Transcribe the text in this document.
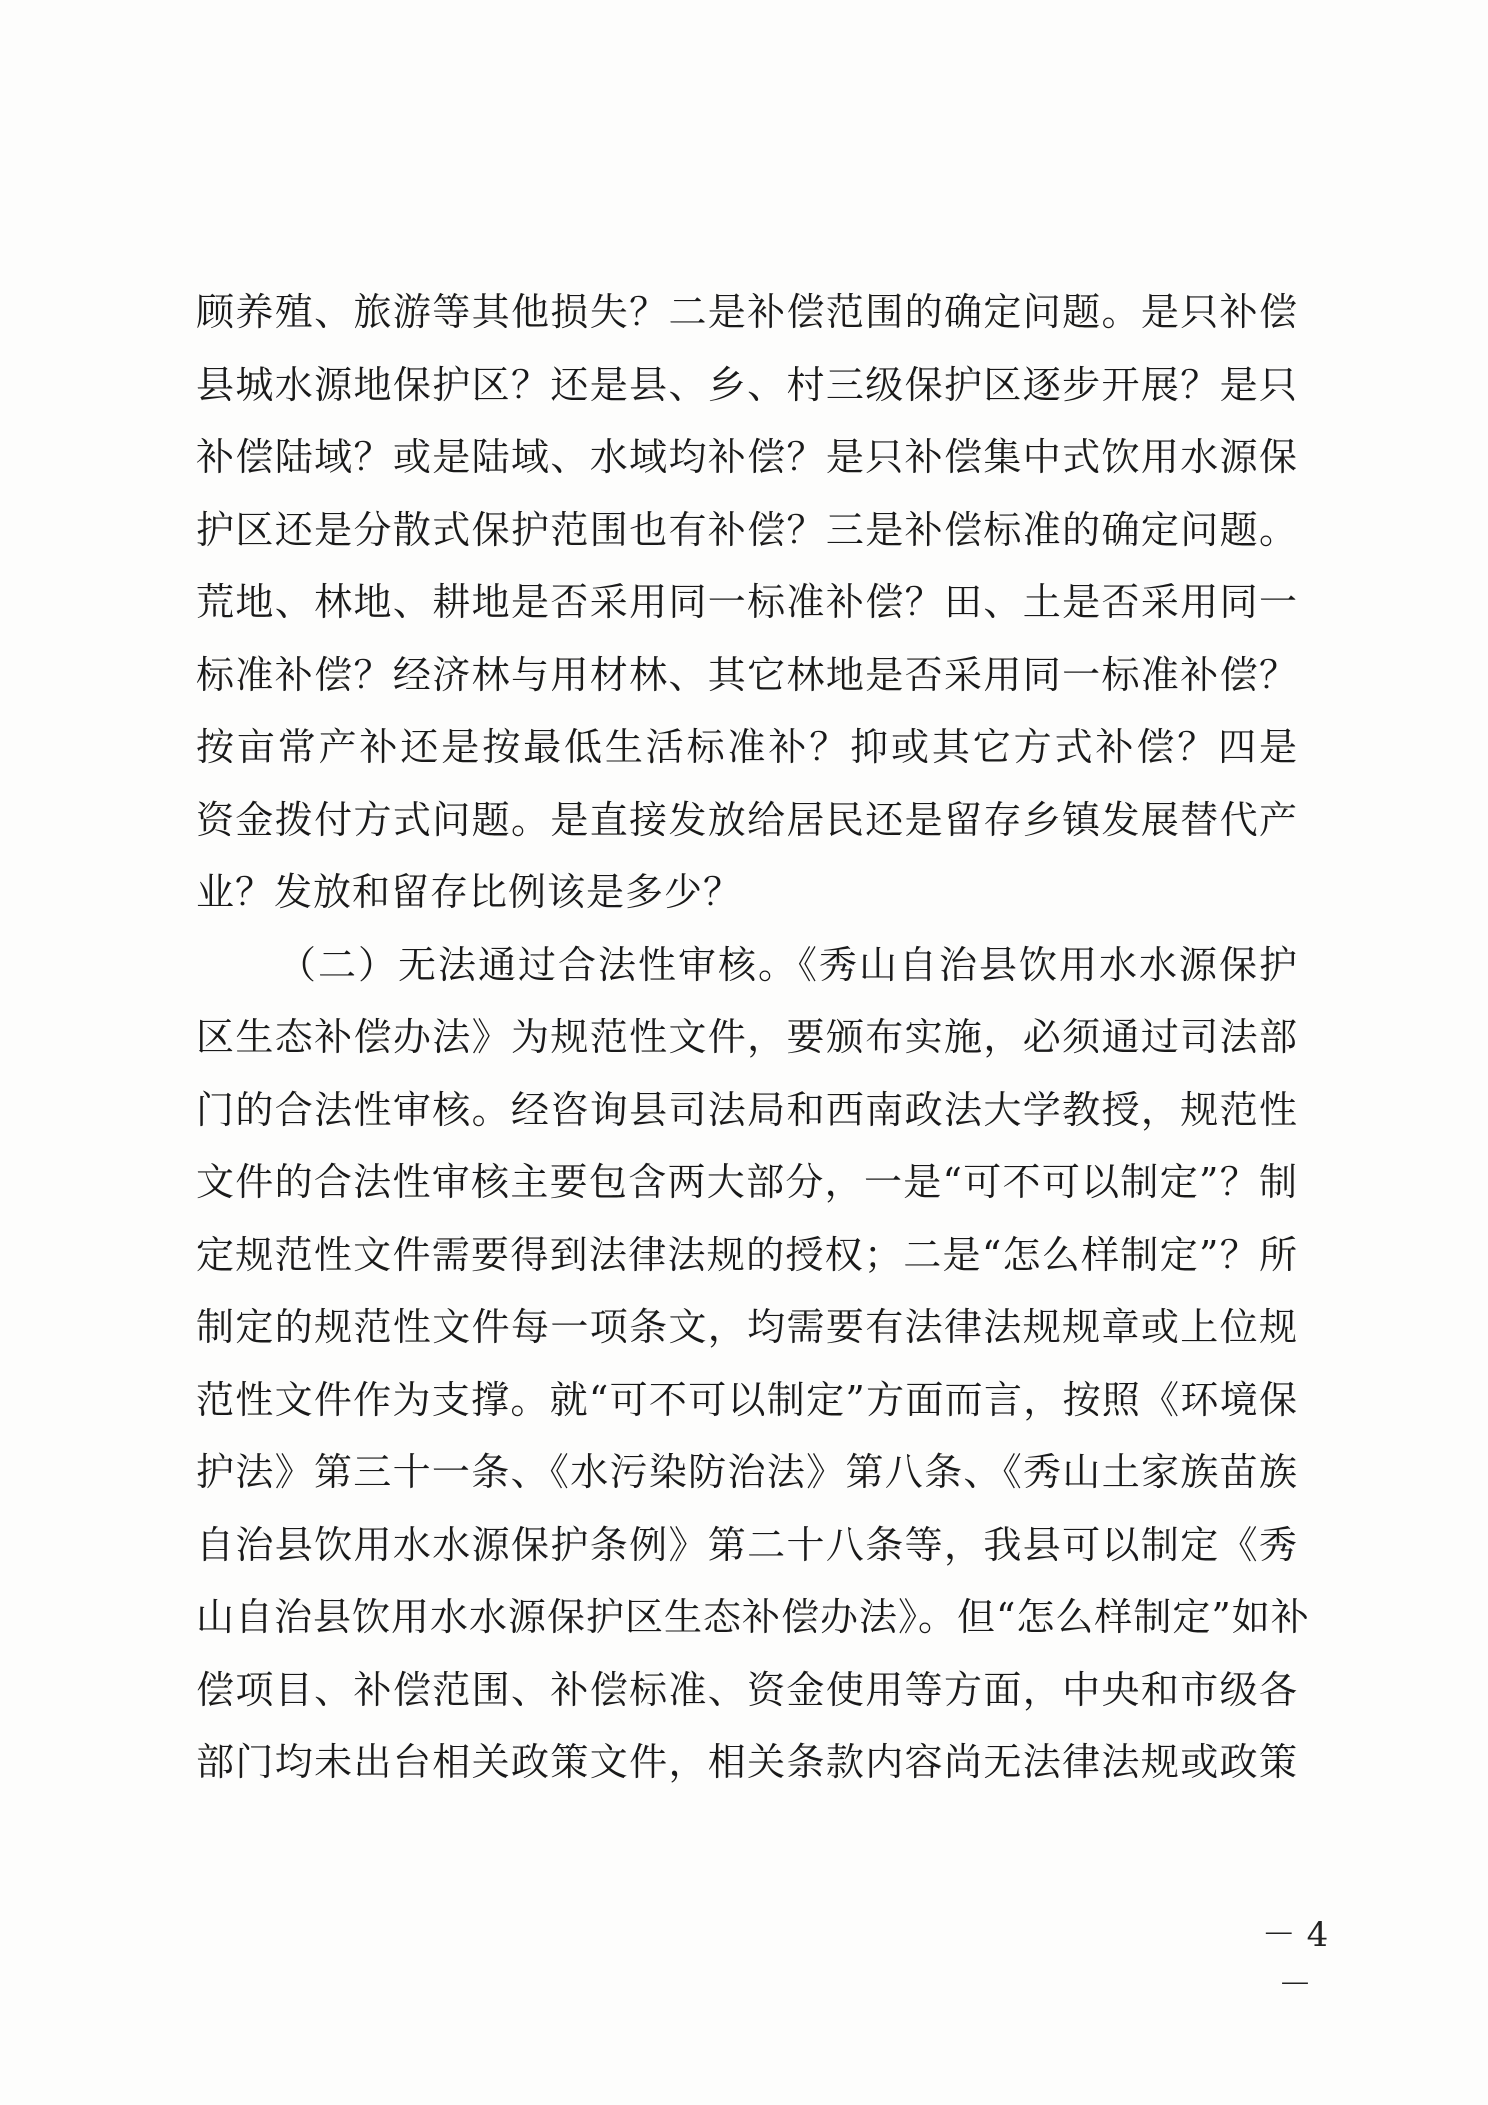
顾养殖、旅游等其他损失？二是补偿范围的确定问题。是只补偿
县城水源地保护区？还是县、乡、村三级保护区逐步开展？是只
补偿陆域？或是陆域、水域均补偿？是只补偿集中式饮用水源保
护区还是分散式保护范围也有补偿？三是补偿标准的确定问题。
荒地、林地、耕地是否采用同一标准补偿？田、土是否采用同一
标准补偿？经济林与用材林、其它林地是否采用同一标准补偿？
按亩常产补还是按最低生活标准补？抑或其它方式补偿？四是
资金拨付方式问题。是直接发放给居民还是留存乡镇发展替代产
业？发放和留存比例该是多少？
（二）无法通过合法性审核。《秀山自治县饮用水水源保护
区生态补偿办法》为规范性文件，要颁布实施，必须通过司法部
门的合法性审核。经咨询县司法局和西南政法大学教授，规范性
文件的合法性审核主要包含两大部分，一是“可不可以制定”？制
定规范性文件需要得到法律法规的授权；二是“怎么样制定”？所
制定的规范性文件每一项条文，均需要有法律法规规章或上位规
范性文件作为支撑。就“可不可以制定”方面而言，按照《环境保
护法》第三十一条、《水污染防治法》第八条、《秀山土家族苗族
自治县饮用水水源保护条例》第二十八条等，我县可以制定《秀
山自治县饮用水水源保护区生态补偿办法》。但“怎么样制定”如补
偿项目、补偿范围、补偿标准、资金使用等方面，中央和市级各
部门均未出台相关政策文件，相关条款内容尚无法律法规或政策
－ 4 －
